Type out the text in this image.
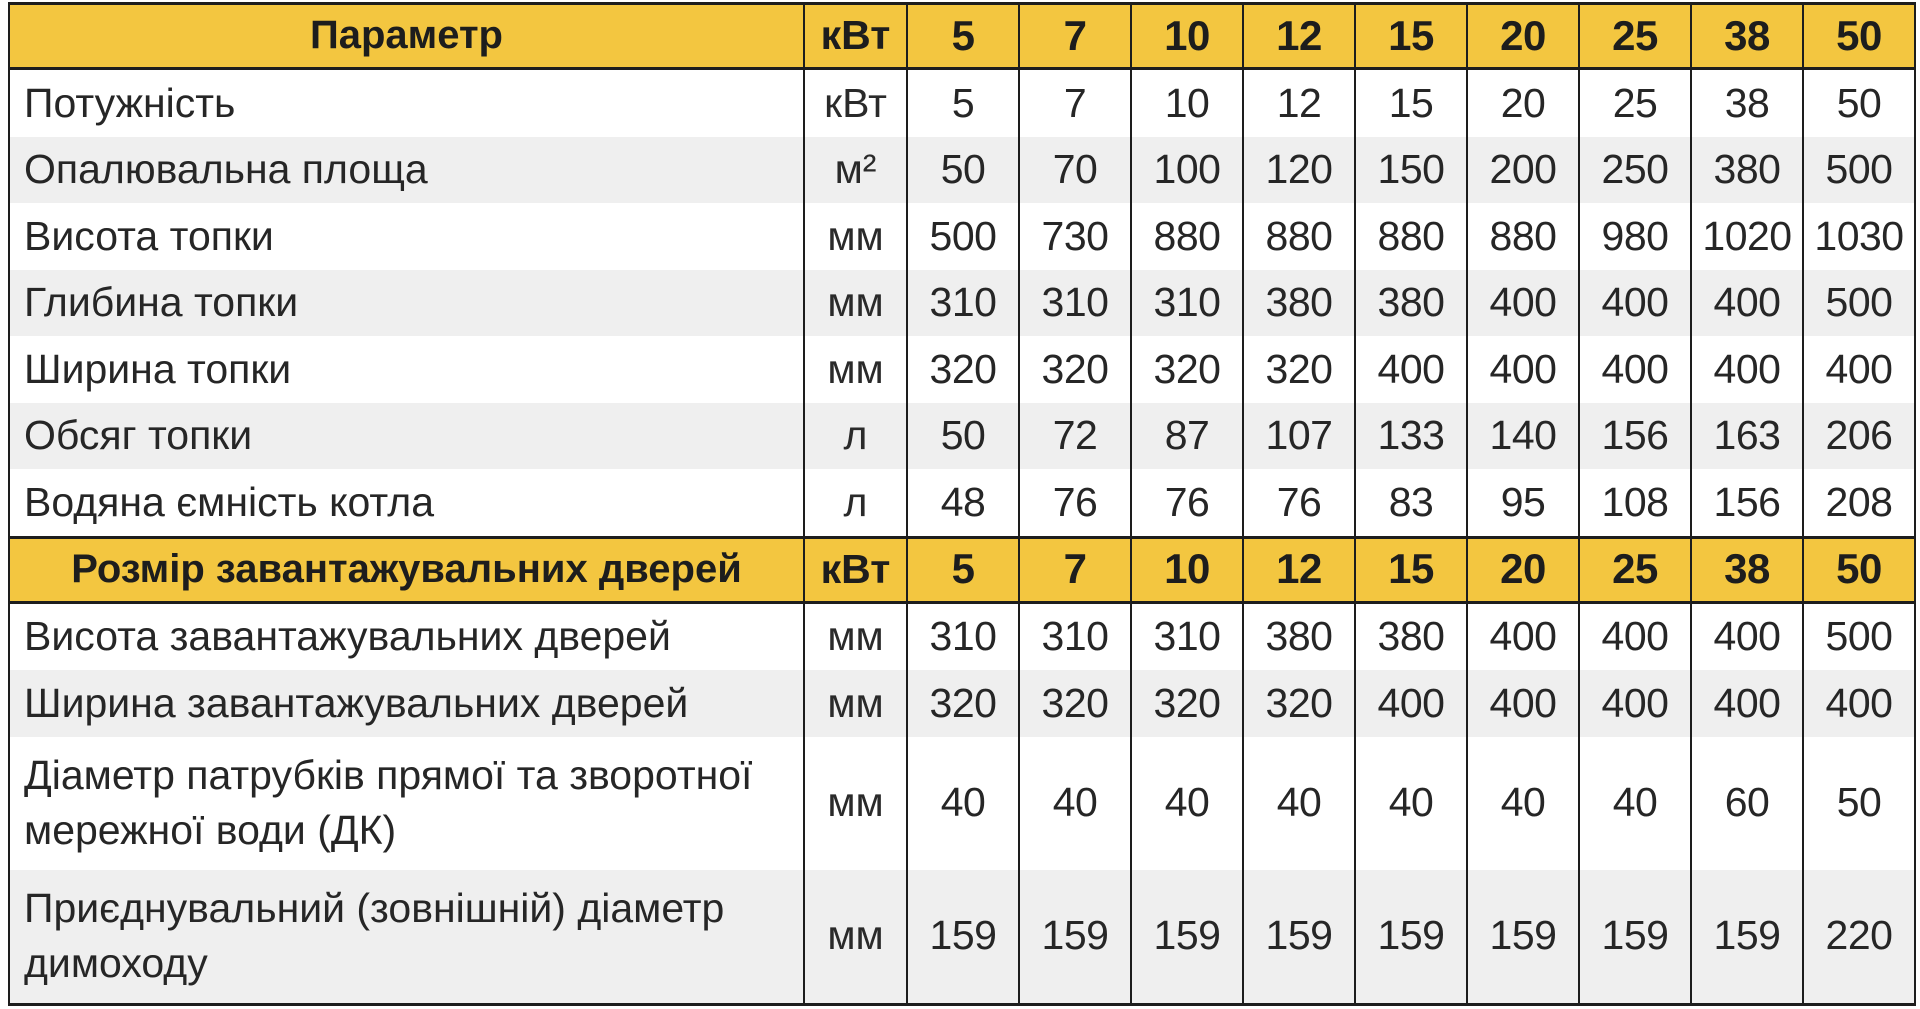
Параметр	кВт	5	7	10	12	15	20	25	38	50
Потужність	кВт	5	7	10	12	15	20	25	38	50
Опалювальна площа	м²	50	70	100	120	150	200	250	380	500
Висота топки	мм	500	730	880	880	880	880	980	1020	1030
Глибина топки	мм	310	310	310	380	380	400	400	400	500
Ширина топки	мм	320	320	320	320	400	400	400	400	400
Обсяг топки	л	50	72	87	107	133	140	156	163	206
Водяна ємність котла	л	48	76	76	76	83	95	108	156	208
Розмір завантажувальних дверей	кВт	5	7	10	12	15	20	25	38	50
Висота завантажувальних дверей	мм	310	310	310	380	380	400	400	400	500
Ширина завантажувальних дверей	мм	320	320	320	320	400	400	400	400	400
Діаметр патрубків прямої та зворотної мережної води (ДК)	мм	40	40	40	40	40	40	40	60	50
Приєднувальний (зовнішній) діаметр димоходу	мм	159	159	159	159	159	159	159	159	220
